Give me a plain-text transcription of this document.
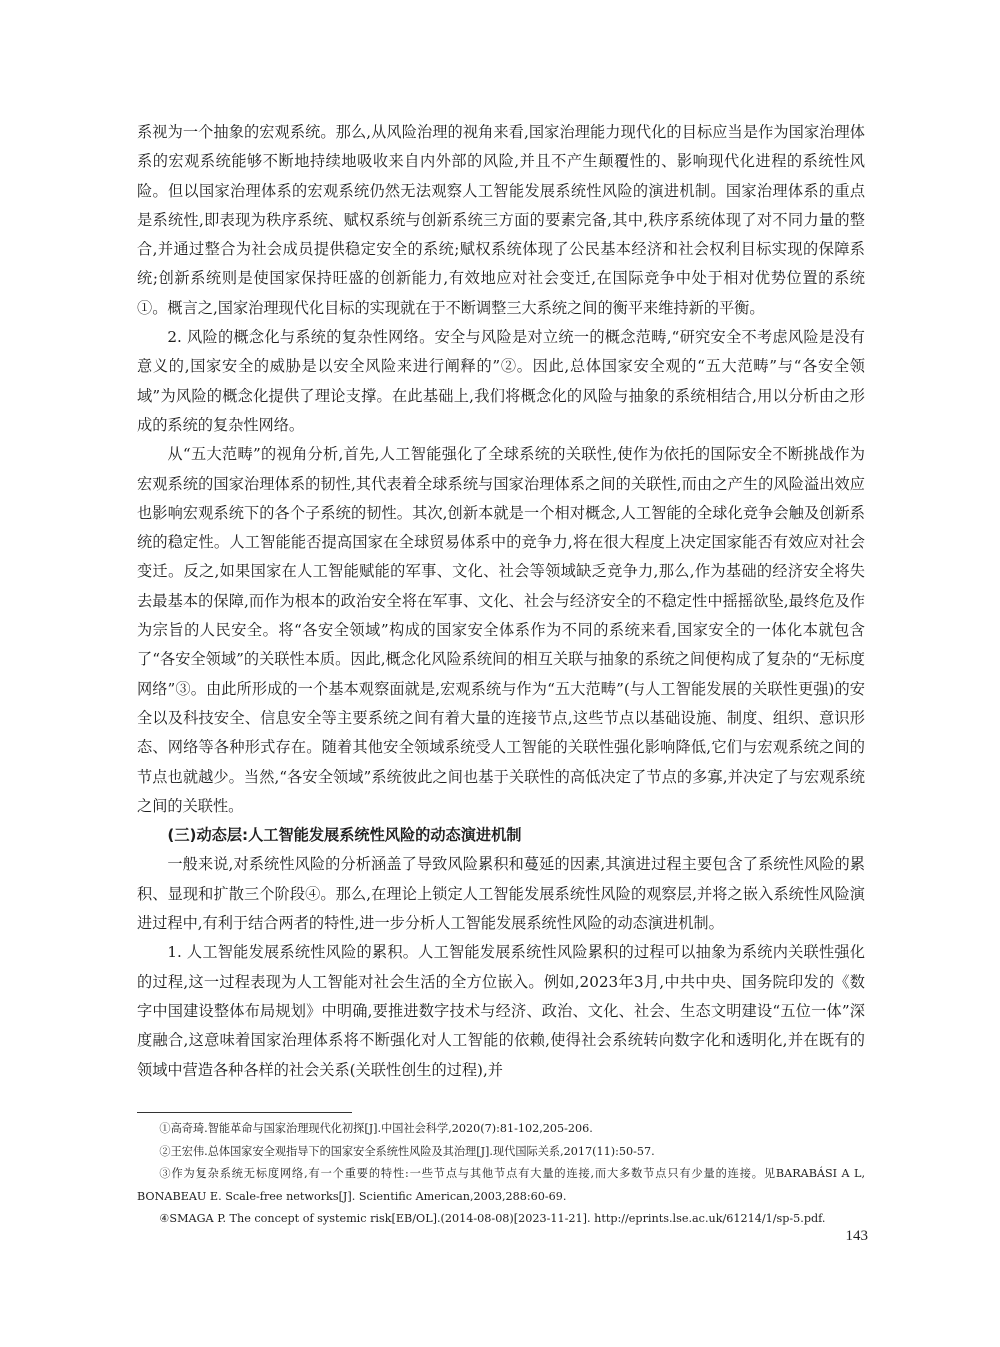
系视为一个抽象的宏观系统。那么,从风险治理的视角来看,国家治理能力现代化的目标应当是作为国家治理体系的宏观系统能够不断地持续地吸收来自内外部的风险,并且不产生颠覆性的、影响现代化进程的系统性风险。但以国家治理体系的宏观系统仍然无法观察人工智能发展系统性风险的演进机制。国家治理体系的重点是系统性,即表现为秩序系统、赋权系统与创新系统三方面的要素完备,其中,秩序系统体现了对不同力量的整合,并通过整合为社会成员提供稳定安全的系统;赋权系统体现了公民基本经济和社会权利目标实现的保障系统;创新系统则是使国家保持旺盛的创新能力,有效地应对社会变迁,在国际竞争中处于相对优势位置的系统①。概言之,国家治理现代化目标的实现就在于不断调整三大系统之间的衡平来维持新的平衡。

2. 风险的概念化与系统的复杂性网络。安全与风险是对立统一的概念范畴,“研究安全不考虑风险是没有意义的,国家安全的威胁是以安全风险来进行阐释的”②。因此,总体国家安全观的“五大范畴”与“各安全领域”为风险的概念化提供了理论支撑。在此基础上,我们将概念化的风险与抽象的系统相结合,用以分析由之形成的系统的复杂性网络。

从“五大范畴”的视角分析,首先,人工智能强化了全球系统的关联性,使作为依托的国际安全不断挑战作为宏观系统的国家治理体系的韧性,其代表着全球系统与国家治理体系之间的关联性,而由之产生的风险溢出效应也影响宏观系统下的各个子系统的韧性。其次,创新本就是一个相对概念,人工智能的全球化竞争会触及创新系统的稳定性。人工智能能否提高国家在全球贸易体系中的竞争力,将在很大程度上决定国家能否有效应对社会变迁。反之,如果国家在人工智能赋能的军事、文化、社会等领域缺乏竞争力,那么,作为基础的经济安全将失去最基本的保障,而作为根本的政治安全将在军事、文化、社会与经济安全的不稳定性中摇摇欲坠,最终危及作为宗旨的人民安全。将“各安全领域”构成的国家安全体系作为不同的系统来看,国家安全的一体化本就包含了“各安全领域”的关联性本质。因此,概念化风险系统间的相互关联与抽象的系统之间便构成了复杂的“无标度网络”③。由此所形成的一个基本观察面就是,宏观系统与作为“五大范畴”(与人工智能发展的关联性更强)的安全以及科技安全、信息安全等主要系统之间有着大量的连接节点,这些节点以基础设施、制度、组织、意识形态、网络等各种形式存在。随着其他安全领域系统受人工智能的关联性强化影响降低,它们与宏观系统之间的节点也就越少。当然,“各安全领域”系统彼此之间也基于关联性的高低决定了节点的多寡,并决定了与宏观系统之间的关联性。

(三)动态层:人工智能发展系统性风险的动态演进机制

一般来说,对系统性风险的分析涵盖了导致风险累积和蔓延的因素,其演进过程主要包含了系统性风险的累积、显现和扩散三个阶段④。那么,在理论上锁定人工智能发展系统性风险的观察层,并将之嵌入系统性风险演进过程中,有利于结合两者的特性,进一步分析人工智能发展系统性风险的动态演进机制。

1. 人工智能发展系统性风险的累积。人工智能发展系统性风险累积的过程可以抽象为系统内关联性强化的过程,这一过程表现为人工智能对社会生活的全方位嵌入。例如,2023年3月,中共中央、国务院印发的《数字中国建设整体布局规划》中明确,要推进数字技术与经济、政治、文化、社会、生态文明建设“五位一体”深度融合,这意味着国家治理体系将不断强化对人工智能的依赖,使得社会系统转向数字化和透明化,并在既有的领域中营造各种各样的社会关系(关联性创生的过程),并

①高奇琦.智能革命与国家治理现代化初探[J].中国社会科学,2020(7):81-102,205-206.

②王宏伟.总体国家安全观指导下的国家安全系统性风险及其治理[J].现代国际关系,2017(11):50-57.

③作为复杂系统无标度网络,有一个重要的特性:一些节点与其他节点有大量的连接,而大多数节点只有少量的连接。见BARABÁSI A L, BONABEAU E. Scale-free networks[J]. Scientific American,2003,288:60-69.

④SMAGA P. The concept of systemic risk[EB/OL].(2014-08-08)[2023-11-21]. http://eprints.lse.ac.uk/61214/1/sp-5.pdf.

143
